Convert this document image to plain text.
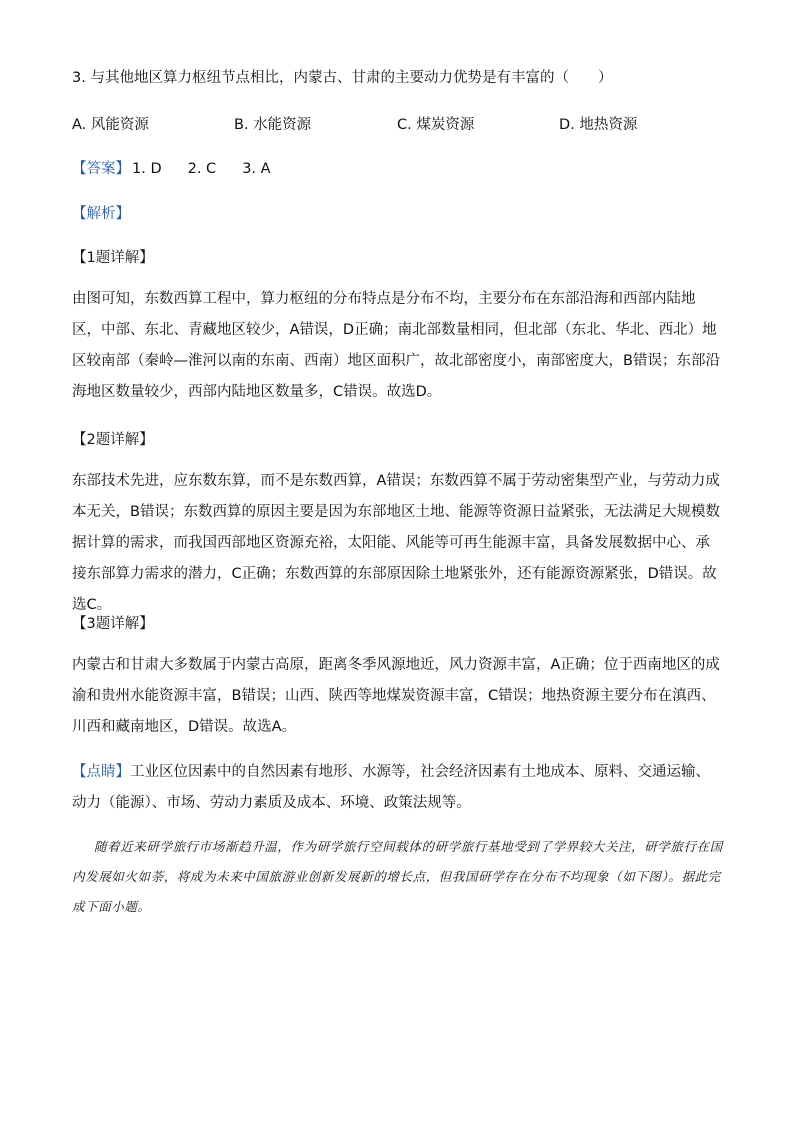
3. 与其他地区算力枢纽节点相比，内蒙古、甘肃的主要动力优势是有丰富的（　　）
A. 风能资源	B. 水能资源	C. 煤炭资源	D. 地热资源
【答案】 1. D 2. C 3. A
【解析】
【1题详解】
由图可知，东数西算工程中，算力枢纽的分布特点是分布不均，主要分布在东部沿海和西部内陆地区，中部、东北、青藏地区较少，A错误，D正确；南北部数量相同，但北部（东北、华北、西北）地区较南部（秦岭—淮河以南的东南、西南）地区面积广，故北部密度小，南部密度大，B错误；东部沿海地区数量较少，西部内陆地区数量多，C错误。故选D。
【2题详解】
东部技术先进，应东数东算，而不是东数西算，A错误；东数西算不属于劳动密集型产业，与劳动力成本无关，B错误；东数西算的原因主要是因为东部地区土地、能源等资源日益紧张，无法满足大规模数据计算的需求，而我国西部地区资源充裕，太阳能、风能等可再生能源丰富，具备发展数据中心、承接东部算力需求的潜力，C正确；东数西算的东部原因除土地紧张外，还有能源资源紧张，D错误。故选C。
【3题详解】
内蒙古和甘肃大多数属于内蒙古高原，距离冬季风源地近，风力资源丰富，A正确；位于西南地区的成渝和贵州水能资源丰富，B错误；山西、陕西等地煤炭资源丰富，C错误；地热资源主要分布在滇西、川西和藏南地区，D错误。故选A。
【点睛】工业区位因素中的自然因素有地形、水源等，社会经济因素有土地成本、原料、交通运输、动力（能源）、市场、劳动力素质及成本、环境、政策法规等。
随着近来研学旅行市场渐趋升温，作为研学旅行空间载体的研学旅行基地受到了学界较大关注，研学旅行在国内发展如火如荼，将成为未来中国旅游业创新发展新的增长点，但我国研学存在分布不均现象（如下图）。据此完成下面小题。
